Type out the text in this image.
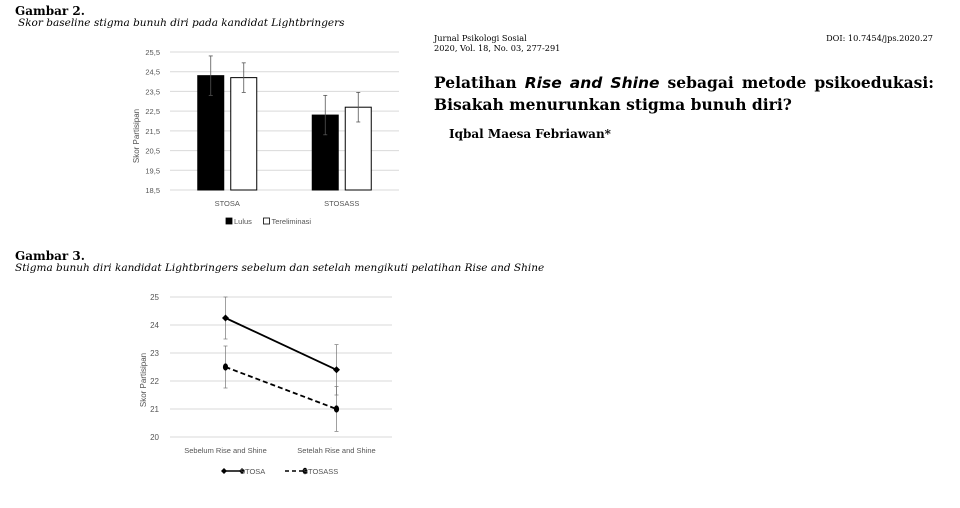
Gambar 2.
Skor baseline stigma bunuh diri pada kandidat Lightbringers
18,5
19,5
20,5
21,5
22,5
23,5
24,5
25,5
STOSA	STOSASS
Skor Partisipan
Lulus	Tereliminasi
Gambar 3.
Stigma bunuh diri kandidat Lightbringers sebelum dan setelah mengikuti pelatihan Rise and Shine
20
21
22
23
24
25
Sebelum Rise and Shine	Setelah Rise and Shine
Skor Partisipan
STOSA	STOSASS
Jurnal Psikologi Sosial
2020, Vol. 18, No. 03, 277-291
DOI: 10.7454/jps.2020.27
Pelatihan Rise and Shine sebagai metode psikoedukasi: Bisakah menurunkan stigma bunuh diri?
Iqbal Maesa Febriawan*
